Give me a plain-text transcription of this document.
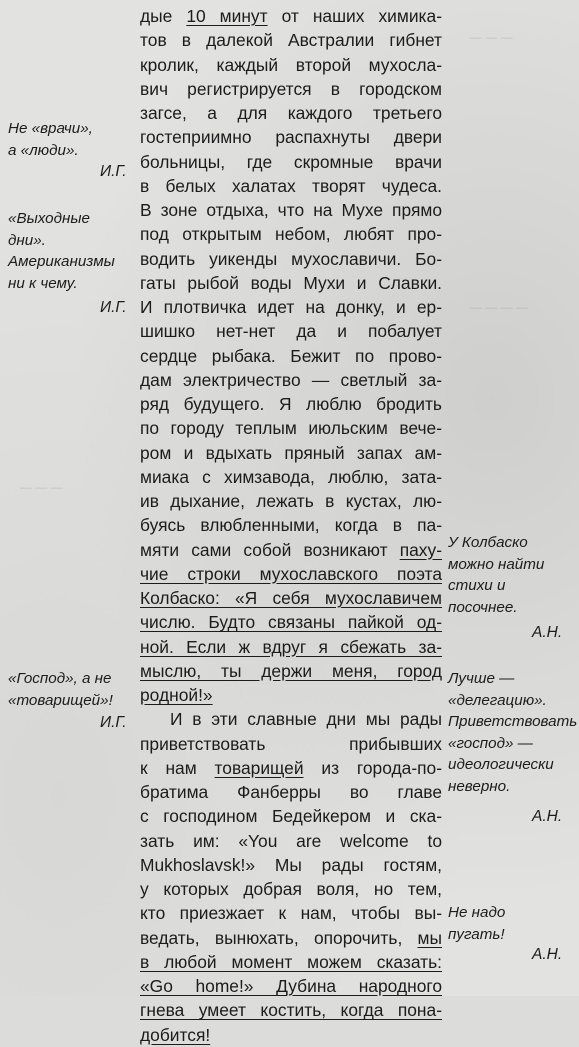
— — —
— — — —
— — —
дые 10 минут от наших химика-
тов в далекой Австралии гибнет
кролик, каждый второй мухосла-
вич регистрируется в городском
загсе, а для каждого третьего
гостеприимно распахнуты двери
больницы, где скромные врачи
в белых халатах творят чудеса.
В зоне отдыха, что на Мухе прямо
под открытым небом, любят про-
водить уикенды мухославичи. Бо-
гаты рыбой воды Мухи и Славки.
И плотвичка идет на донку, и ер-
шишко нет-нет да и побалует
сердце рыбака. Бежит по прово-
дам электричество — светлый за-
ряд будущего. Я люблю бродить
по городу теплым июльским вече-
ром и вдыхать пряный запах ам-
миака с химзавода, люблю, зата-
ив дыхание, лежать в кустах, лю-
буясь влюбленными, когда в па-
мяти сами собой возникают паху-
чие строки мухославского поэта
Колбаско: «Я себя мухославичем
числю. Будто связаны пайкой од-
ной. Если ж вдруг я сбежать за-
мыслю, ты держи меня, город
родной!»
И в эти славные дни мы рады
приветствовать прибывших
к нам товарищей из города-по-
братима Фанберры во главе
с господином Бедейкером и ска-
зать им: «You are welcome to
Mukhoslavsk!» Мы рады гостям,
у которых добрая воля, но тем,
кто приезжает к нам, чтобы вы-
ведать, вынюхать, опорочить, мы
в любой момент можем сказать:
«Go home!» Дубина народного
гнева умеет костить, когда пона-
добится!
Не «врачи»,
а «люди».
И.Г.
«Выходные
дни».
Американизмы
ни к чему.
И.Г.
«Господ», а не
«товарищей»!
И.Г.
У Колбаско
можно найти
стихи и
посочнее.
А.Н.
Лучше —
«делегацию».
Приветствовать
«господ» —
идеологически
неверно.
А.Н.
Не надо
пугать!
А.Н.
